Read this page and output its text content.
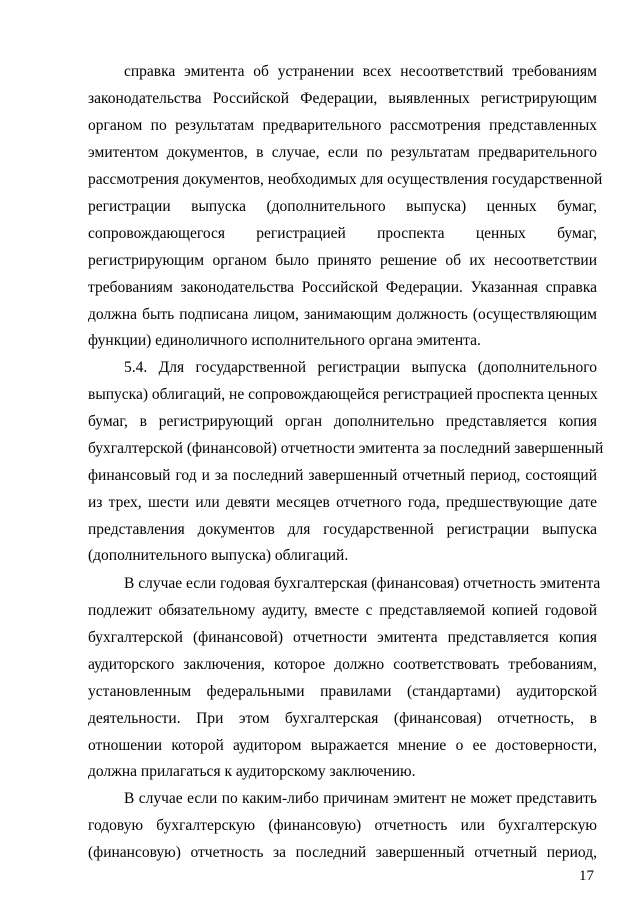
справка эмитента об устранении всех несоответствий требованиям

законодательства Российской Федерации, выявленных регистрирующим

органом по результатам предварительного рассмотрения представленных

эмитентом документов, в случае, если по результатам предварительного

рассмотрения документов, необходимых для осуществления государственной

регистрации выпуска (дополнительного выпуска) ценных бумаг,

сопровождающегося регистрацией проспекта ценных бумаг,

регистрирующим органом было принято решение об их несоответствии

требованиям законодательства Российской Федерации. Указанная справка

должна быть подписана лицом, занимающим должность (осуществляющим

функции) единоличного исполнительного органа эмитента.

5.4. Для государственной регистрации выпуска (дополнительного

выпуска) облигаций, не сопровождающейся регистрацией проспекта ценных

бумаг, в регистрирующий орган дополнительно представляется копия

бухгалтерской (финансовой) отчетности эмитента за последний завершенный

финансовый год и за последний завершенный отчетный период, состоящий

из трех, шести или девяти месяцев отчетного года, предшествующие дате

представления документов для государственной регистрации выпуска

(дополнительного выпуска) облигаций.

В случае если годовая бухгалтерская (финансовая) отчетность эмитента

подлежит обязательному аудиту, вместе с представляемой копией годовой

бухгалтерской (финансовой) отчетности эмитента представляется копия

аудиторского заключения, которое должно соответствовать требованиям,

установленным федеральными правилами (стандартами) аудиторской

деятельности. При этом бухгалтерская (финансовая) отчетность, в

отношении которой аудитором выражается мнение о ее достоверности,

должна прилагаться к аудиторскому заключению.

В случае если по каким-либо причинам эмитент не может представить

годовую бухгалтерскую (финансовую) отчетность или бухгалтерскую

(финансовую) отчетность за последний завершенный отчетный период,

17
